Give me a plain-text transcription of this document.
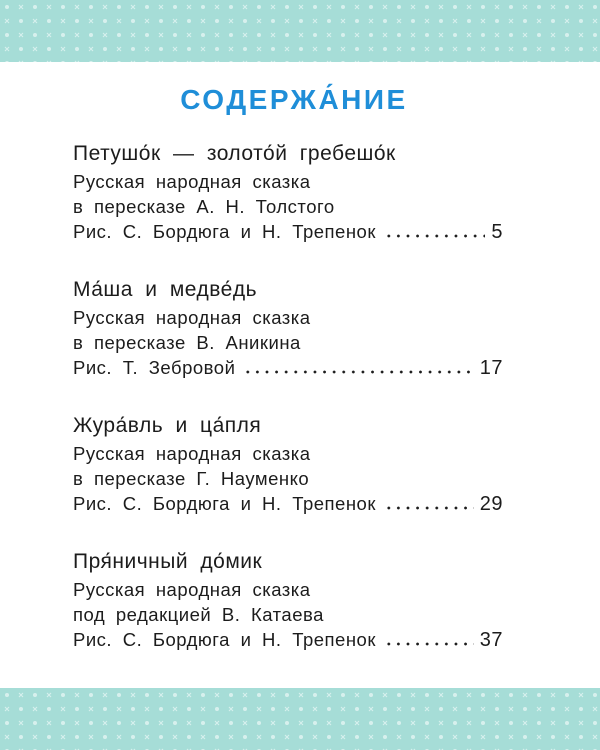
СОДЕРЖА́НИЕ
Петушо́к — золото́й гребешо́к
Русская народная сказка
в пересказе А. Н. Толстого
Рис. С. Бордюга и Н. Трепенок	5
Ма́ша и медве́дь
Русская народная сказка
в пересказе В. Аникина
Рис. Т. Зебровой	17
Жура́вль и ца́пля
Русская народная сказка
в пересказе Г. Науменко
Рис. С. Бордюга и Н. Трепенок	29
Пря́ничный до́мик
Русская народная сказка
под редакцией В. Катаева
Рис. С. Бордюга и Н. Трепенок	37
